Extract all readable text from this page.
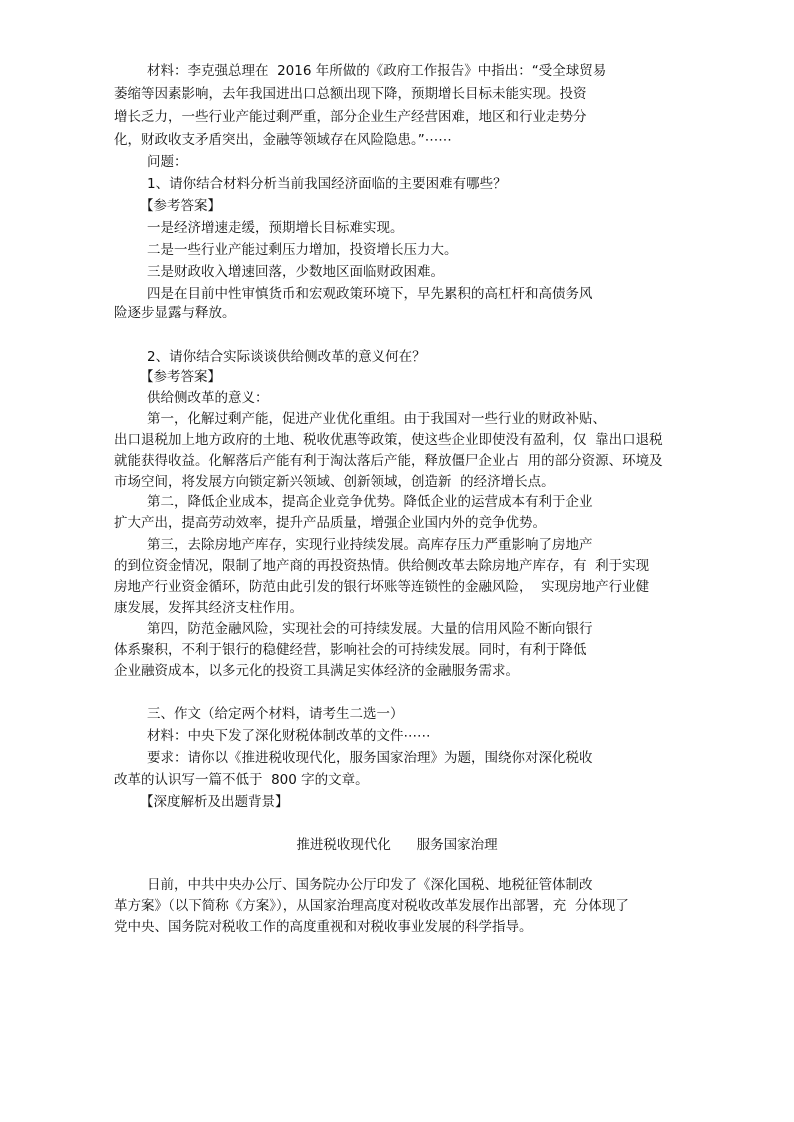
材料：李克强总理在  2016 年所做的《政府工作报告》中指出：“受全球贸易
萎缩等因素影响，去年我国进出口总额出现下降，预期增长目标未能实现。投资
增长乏力，一些行业产能过剩严重，部分企业生产经营困难，地区和行业走势分
化，财政收支矛盾突出，金融等领域存在风险隐患。”⋯⋯
问题：
1、请你结合材料分析当前我国经济面临的主要困难有哪些？
【参考答案】
一是经济增速走缓，预期增长目标难实现。
二是一些行业产能过剩压力增加，投资增长压力大。
三是财政收入增速回落，少数地区面临财政困难。
四是在目前中性审慎货币和宏观政策环境下，早先累积的高杠杆和高债务风
险逐步显露与释放。
2、请你结合实际谈谈供给侧改革的意义何在？
【参考答案】
供给侧改革的意义：
第一，化解过剩产能，促进产业优化重组。由于我国对一些行业的财政补贴、
出口退税加上地方政府的土地、税收优惠等政策，使这些企业即使没有盈利，仅  靠出口退税
就能获得收益。化解落后产能有利于淘汰落后产能，释放僵尸企业占  用的部分资源、环境及
市场空间，将发展方向锁定新兴领域、创新领域，创造新  的经济增长点。
第二，降低企业成本，提高企业竞争优势。降低企业的运营成本有利于企业
扩大产出，提高劳动效率，提升产品质量，增强企业国内外的竞争优势。
第三，去除房地产库存，实现行业持续发展。高库存压力严重影响了房地产
的到位资金情况，限制了地产商的再投资热情。供给侧改革去除房地产库存，有  利于实现
房地产行业资金循环，防范由此引发的银行坏账等连锁性的金融风险，  实现房地产行业健
康发展，发挥其经济支柱作用。
第四，防范金融风险，实现社会的可持续发展。大量的信用风险不断向银行
体系聚积，不利于银行的稳健经营，影响社会的可持续发展。同时，有利于降低
企业融资成本，以多元化的投资工具满足实体经济的金融服务需求。
三、作文（给定两个材料，请考生二选一）
材料：中央下发了深化财税体制改革的文件⋯⋯
要求：请你以《推进税收现代化，服务国家治理》为题，围绕你对深化税收
改革的认识写一篇不低于  800 字的文章。
【深度解析及出题背景】
推进税收现代化      服务国家治理
日前，中共中央办公厅、国务院办公厅印发了《深化国税、地税征管体制改
革方案》（以下简称《方案》），从国家治理高度对税收改革发展作出部署，充  分体现了
党中央、国务院对税收工作的高度重视和对税收事业发展的科学指导。
